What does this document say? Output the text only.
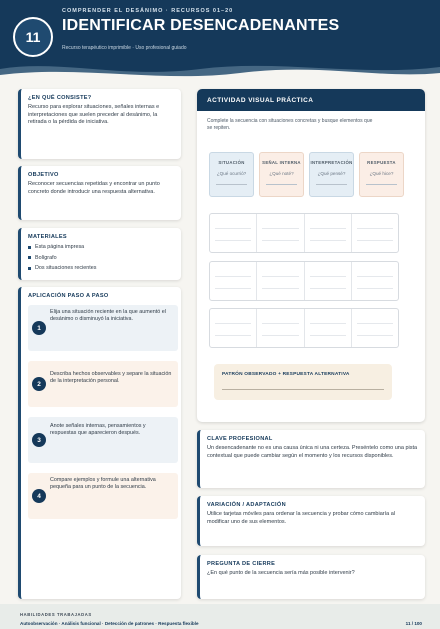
COMPRENDER EL DESÁNIMO · RECURSOS 01–20
11
IDENTIFICAR DESENCADENANTES
Recurso terapéutico imprimible · Uso profesional guiado
¿EN QUÉ CONSISTE?

Recurso para explorar situaciones, señales internas e interpretaciones que suelen preceder al desánimo, la retirada o la pérdida de iniciativa.

OBJETIVO

Reconocer secuencias repetidas y encontrar un punto concreto donde introducir una respuesta alternativa.

MATERIALES
Esta página impresa
Bolígrafo
Dos situaciones recientes
APLICACIÓN PASO A PASO
1

Elija una situación reciente en la que aumentó el desánimo o disminuyó la iniciativa.

2

Describa hechos observables y separe la situación de la interpretación personal.

3

Anote señales internas, pensamientos y respuestas que aparecieron después.

4

Compare ejemplos y formule una alternativa pequeña para un punto de la secuencia.

ACTIVIDAD VISUAL PRÁCTICA
Complete la secuencia con situaciones concretas y busque elementos que se repiten.
SITUACIÓN
¿Qué ocurrió?
SEÑAL INTERNA
¿Qué noté?
INTERPRETACIÓN
¿Qué pensé?
RESPUESTA
¿Qué hice?
PATRÓN OBSERVADO + RESPUESTA ALTERNATIVA
CLAVE PROFESIONAL

Un desencadenante no es una causa única ni una certeza. Preséntelo como una pista contextual que puede cambiar según el momento y los recursos disponibles.

VARIACIÓN / ADAPTACIÓN

Utilice tarjetas móviles para ordenar la secuencia y probar cómo cambiaría al modificar uno de sus elementos.

PREGUNTA DE CIERRE

¿En qué punto de la secuencia sería más posible intervenir?

HABILIDADES TRABAJADAS
Autoobservación · Análisis funcional · Detección de patrones · Respuesta flexible	11 / 100
